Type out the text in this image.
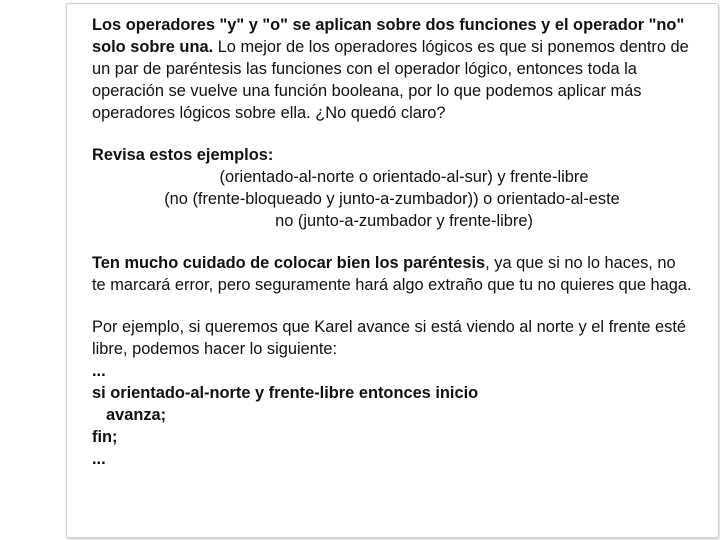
Los operadores "y" y "o" se aplican sobre dos funciones y el operador "no" solo sobre una. Lo mejor de los operadores lógicos es que si ponemos dentro de un par de paréntesis las funciones con el operador lógico, entonces toda la operación se vuelve una función booleana, por lo que podemos aplicar más operadores lógicos sobre ella. ¿No quedó claro?

Revisa estos ejemplos:

(orientado-al-norte o orientado-al-sur) y frente-libre

(no (frente-bloqueado y junto-a-zumbador)) o orientado-al-este

no (junto-a-zumbador y frente-libre)

Ten mucho cuidado de colocar bien los paréntesis, ya que si no lo haces, no te marcará error, pero seguramente hará algo extraño que tu no quieres que haga.

Por ejemplo, si queremos que Karel avance si está viendo al norte y el frente esté libre, podemos hacer lo siguiente:

...

si orientado-al-norte y frente-libre entonces inicio

avanza;

fin;

...
